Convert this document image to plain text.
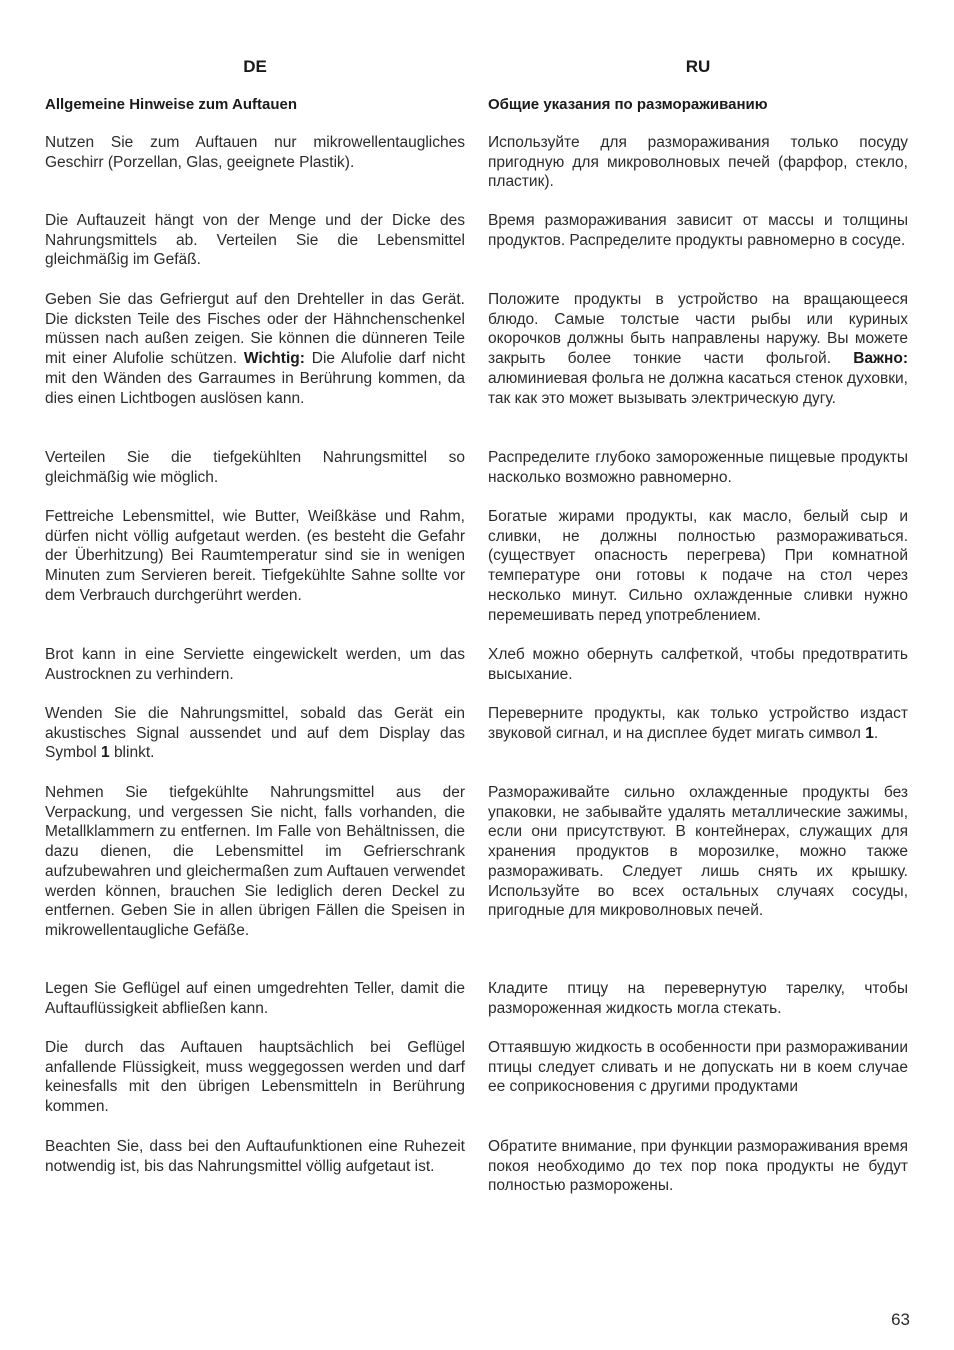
DE
Allgemeine Hinweise zum Auftauen

Nutzen Sie zum Auftauen nur mikrowellentaugliches Geschirr (Porzellan, Glas, geeignete Plastik).

Die Auftauzeit hängt von der Menge und der Dicke des Nahrungsmittels ab. Verteilen Sie die Lebensmittel gleichmäßig im Gefäß.

Geben Sie das Gefriergut auf den Drehteller in das Gerät. Die dicksten Teile des Fisches oder der Hähnchenschenkel müssen nach außen zeigen. Sie können die dünneren Teile mit einer Alufolie schützen. Wichtig: Die Alufolie darf nicht mit den Wänden des Garraumes in Berührung kommen, da dies einen Lichtbogen auslösen kann.

Verteilen Sie die tiefgekühlten Nahrungsmittel so gleichmäßig wie möglich.

Fettreiche Lebensmittel, wie Butter, Weißkäse und Rahm, dürfen nicht völlig aufgetaut werden. (es besteht die Gefahr der Überhitzung) Bei Raumtemperatur sind sie in wenigen Minuten zum Servieren bereit. Tiefgekühlte Sahne sollte vor dem Verbrauch durchgerührt werden.

Brot kann in eine Serviette eingewickelt werden, um das Austrocknen zu verhindern.

Wenden Sie die Nahrungsmittel, sobald das Gerät ein akustisches Signal aussendet und auf dem Display das Symbol 1 blinkt.

Nehmen Sie tiefgekühlte Nahrungsmittel aus der Verpackung, und vergessen Sie nicht, falls vorhanden, die Metallklammern zu entfernen. Im Falle von Behältnissen, die dazu dienen, die Lebensmittel im Gefrierschrank aufzubewahren und gleichermaßen zum Auftauen verwendet werden können, brauchen Sie lediglich deren Deckel zu entfernen. Geben Sie in allen übrigen Fällen die Speisen in mikrowellentaugliche Gefäße.

Legen Sie Geflügel auf einen umgedrehten Teller, damit die Auftauflüssigkeit abfließen kann.

Die durch das Auftauen hauptsächlich bei Geflügel anfallende Flüssigkeit, muss weggegossen werden und darf keinesfalls mit den übrigen Lebensmitteln in Berührung kommen.

Beachten Sie, dass bei den Auftaufunktionen eine Ruhezeit notwendig ist, bis das Nahrungsmittel völlig aufgetaut ist.

RU
Общие указания по размораживанию

Используйте для размораживания только посуду пригодную для микроволновых печей (фарфор, стекло, пластик).

Время размораживания зависит от массы и толщины продуктов. Распределите продукты равномерно в сосуде.

Положите продукты в устройство на вращающееся блюдо. Самые толстые части рыбы или куриных окорочков должны быть направлены наружу. Вы можете закрыть более тонкие части фольгой. Важно: алюминиевая фольга не должна касаться стенок духовки, так как это может вызывать электрическую дугу.

Распределите глубоко замороженные пищевые продукты насколько возможно равномерно.

Богатые жирами продукты, как масло, белый сыр и сливки, не должны полностью размораживаться. (существует опасность перегрева) При комнатной температуре они готовы к подаче на стол через несколько минут. Сильно охлажденные сливки нужно перемешивать перед употреблением.

Хлеб можно обернуть салфеткой, чтобы предотвратить высыхание.

Переверните продукты, как только устройство издаст звуковой сигнал, и на дисплее будет мигать символ 1.

Размораживайте сильно охлажденные продукты без упаковки, не забывайте удалять металлические зажимы, если они присутствуют. В контейнерах, служащих для хранения продуктов в морозилке, можно также размораживать. Следует лишь снять их крышку. Используйте во всех остальных случаях сосуды, пригодные для микроволновых печей.

Кладите птицу на перевернутую тарелку, чтобы размороженная жидкость могла стекать.

Оттаявшую жидкость в особенности при размораживании птицы следует сливать и не допускать ни в коем случае ее соприкосновения с другими продуктами

Обратите внимание, при функции размораживания время покоя необходимо до тех пор пока продукты не будут полностью разморожены.

63
